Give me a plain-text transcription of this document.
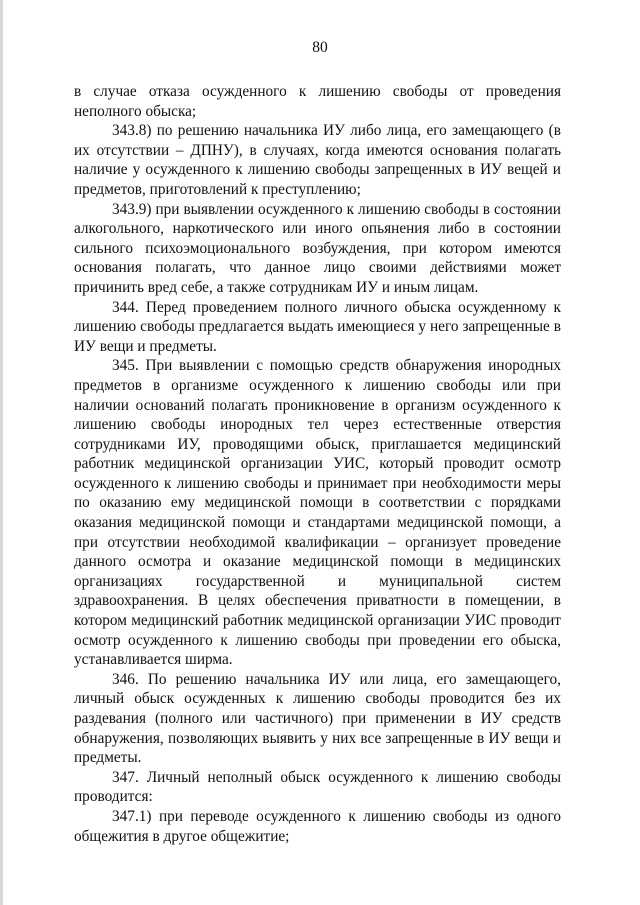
80

в случае отказа осужденного к лишению свободы от проведения неполного обыска;

343.8) по решению начальника ИУ либо лица, его замещающего (в их отсутствии – ДПНУ), в случаях, когда имеются основания полагать наличие у осужденного к лишению свободы запрещенных в ИУ вещей и предметов, приготовлений к преступлению;

343.9) при выявлении осужденного к лишению свободы в состоянии алкогольного, наркотического или иного опьянения либо в состоянии сильного психоэмоционального возбуждения, при котором имеются основания полагать, что данное лицо своими действиями может причинить вред себе, а также сотрудникам ИУ и иным лицам.

344. Перед проведением полного личного обыска осужденному к лишению свободы предлагается выдать имеющиеся у него запрещенные в ИУ вещи и предметы.

345. При выявлении с помощью средств обнаружения инородных предметов в организме осужденного к лишению свободы или при наличии оснований полагать проникновение в организм осужденного к лишению свободы инородных тел через естественные отверстия сотрудниками ИУ, проводящими обыск, приглашается медицинский работник медицинской организации УИС, который проводит осмотр осужденного к лишению свободы и принимает при необходимости меры по оказанию ему медицинской помощи в соответствии с порядками оказания медицинской помощи и стандартами медицинской помощи, а при отсутствии необходимой квалификации – организует проведение данного осмотра и оказание медицинской помощи в медицинских организациях государственной и муниципальной систем здравоохранения. В целях обеспечения приватности в помещении, в котором медицинский работник медицинской организации УИС проводит осмотр осужденного к лишению свободы при проведении его обыска, устанавливается ширма.

346. По решению начальника ИУ или лица, его замещающего, личный обыск осужденных к лишению свободы проводится без их раздевания (полного или частичного) при применении в ИУ средств обнаружения, позволяющих выявить у них все запрещенные в ИУ вещи и предметы.

347. Личный неполный обыск осужденного к лишению свободы проводится:

347.1) при переводе осужденного к лишению свободы из одного общежития в другое общежитие;
